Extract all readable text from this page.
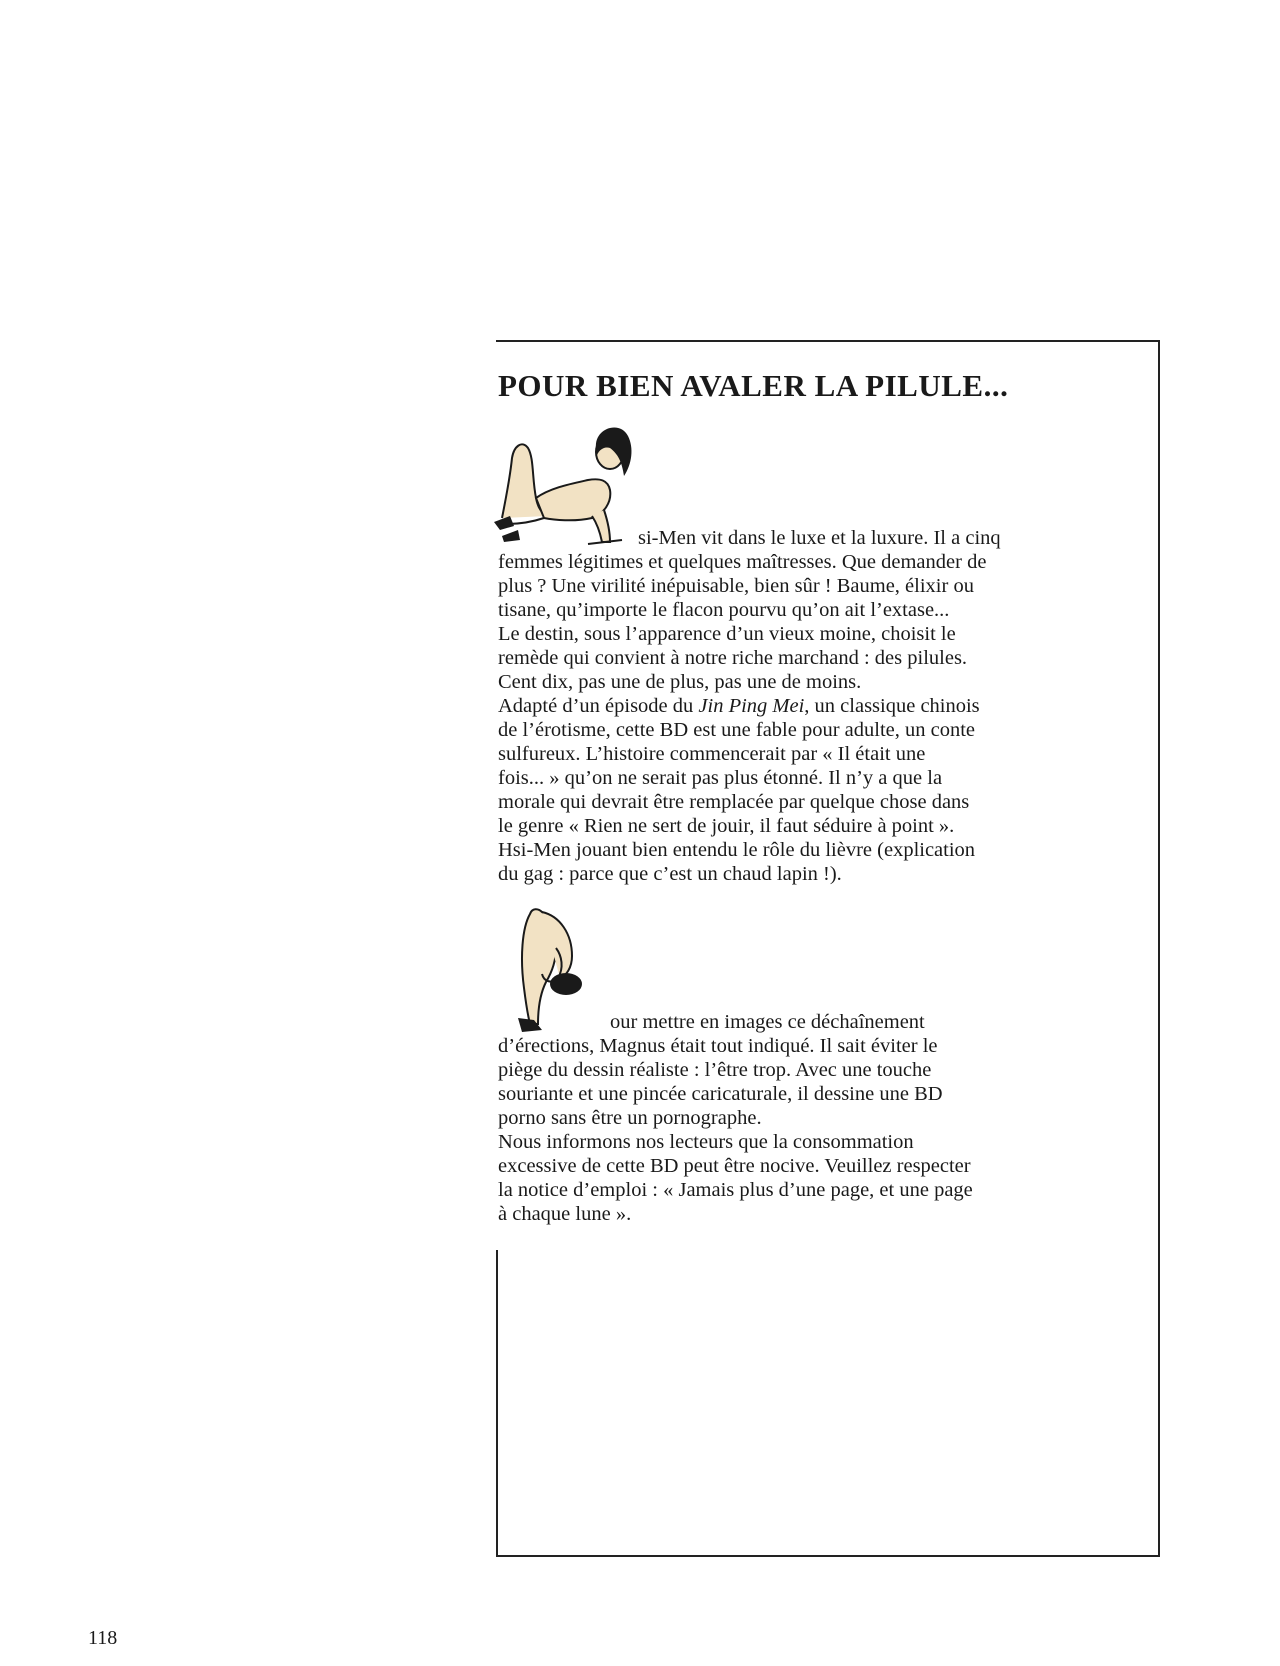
POUR BIEN AVALER LA PILULE...

si-Men vit dans le luxe et la luxure. Il a cinq
femmes légitimes et quelques maîtresses. Que demander de
plus ? Une virilité inépuisable, bien sûr ! Baume, élixir ou
tisane, qu’importe le flacon pourvu qu’on ait l’extase...
Le destin, sous l’apparence d’un vieux moine, choisit le
remède qui convient à notre riche marchand : des pilules.
Cent dix, pas une de plus, pas une de moins.
Adapté d’un épisode du Jin Ping Mei, un classique chinois
de l’érotisme, cette BD est une fable pour adulte, un conte
sulfureux. L’histoire commencerait par « Il était une
fois... » qu’on ne serait pas plus étonné. Il n’y a que la
morale qui devrait être remplacée par quelque chose dans
le genre « Rien ne sert de jouir, il faut séduire à point ».
Hsi-Men jouant bien entendu le rôle du lièvre (explication
du gag : parce que c’est un chaud lapin !).

our mettre en images ce déchaînement
d’érections, Magnus était tout indiqué. Il sait éviter le
piège du dessin réaliste : l’être trop. Avec une touche
souriante et une pincée caricaturale, il dessine une BD
porno sans être un pornographe.
Nous informons nos lecteurs que la consommation
excessive de cette BD peut être nocive. Veuillez respecter
la notice d’emploi : « Jamais plus d’une page, et une page
à chaque lune ».

118
